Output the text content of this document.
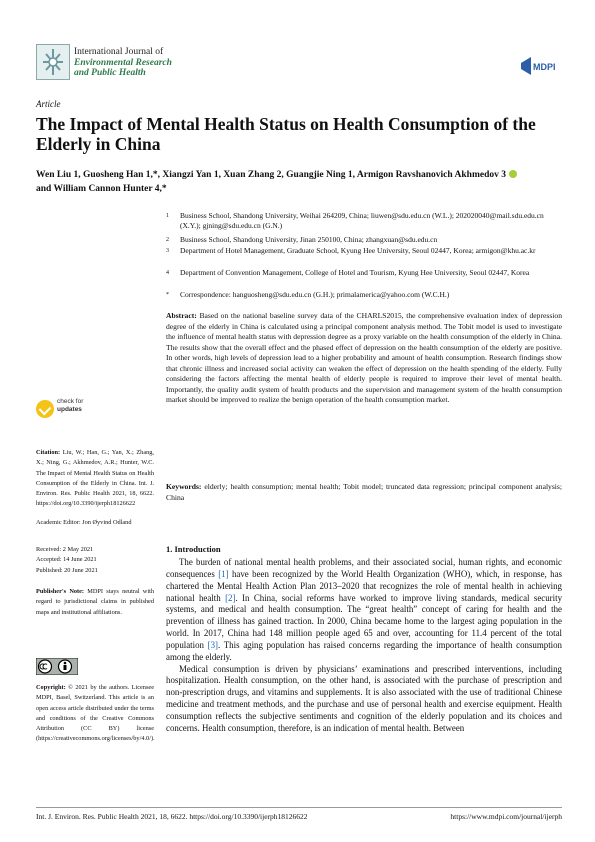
International Journal of
Environmental Research
and Public Health
MDPI
Article
The Impact of Mental Health Status on Health Consumption of the Elderly in China
Wen Liu 1, Guosheng Han 1,*, Xiangzi Yan 1, Xuan Zhang 2, Guangjie Ning 1, Armigon Ravshanovich Akhmedov 3
and William Cannon Hunter 4,*
1 Business School, Shandong University, Weihai 264209, China; liuwen@sdu.edu.cn (W.L.); 202020040@mail.sdu.edu.cn (X.Y.); gjning@sdu.edu.cn (G.N.)
2 Business School, Shandong University, Jinan 250100, China; zhangxuan@sdu.edu.cn
3 Department of Hotel Management, Graduate School, Kyung Hee University, Seoul 02447, Korea; armigon@khu.ac.kr
4 Department of Convention Management, College of Hotel and Tourism, Kyung Hee University, Seoul 02447, Korea
* Correspondence: hanguosheng@sdu.edu.cn (G.H.); primalamerica@yahoo.com (W.C.H.)
Abstract: Based on the national baseline survey data of the CHARLS2015, the comprehensive evaluation index of depression degree of the elderly in China is calculated using a principal component analysis method. The Tobit model is used to investigate the influence of mental health status with depression degree as a proxy variable on the health consumption of the elderly in China. The results show that the overall effect and the phased effect of depression on the health consumption of the elderly are positive. In other words, high levels of depression lead to a higher probability and amount of health consumption. Research findings show that chronic illness and increased social activity can weaken the effect of depression on the health spending of the elderly. Fully considering the factors affecting the mental health of elderly people is required to improve their level of mental health. Importantly, the quality audit system of health products and the supervision and management system of the health consumption market should be improved to realize the benign operation of the health consumption market.
Keywords: elderly; health consumption; mental health; Tobit model; truncated data regression; principal component analysis; China
check for
updates
Citation: Liu, W.; Han, G.; Yan, X.; Zhang, X.; Ning, G.; Akhmedov, A.R.; Hunter, W.C. The Impact of Mental Health Status on Health Consumption of the Elderly in China. Int. J. Environ. Res. Public Health 2021, 18, 6622. https://doi.org/10.3390/ijerph18126622
Academic Editor: Jon Øyvind Odland
Received: 2 May 2021
Accepted: 14 June 2021
Published: 20 June 2021
Publisher's Note: MDPI stays neutral with regard to jurisdictional claims in published maps and institutional affiliations.
Copyright: © 2021 by the authors. Licensee MDPI, Basel, Switzerland. This article is an open access article distributed under the terms and conditions of the Creative Commons Attribution (CC BY) license (https://creativecommons.org/licenses/by/4.0/).
1. Introduction

The burden of national mental health problems, and their associated social, human rights, and economic consequences [1] have been recognized by the World Health Organization (WHO), which, in response, has chartered the Mental Health Action Plan 2013–2020 that recognizes the role of mental health in achieving national health [2]. In China, social reforms have worked to improve living standards, medical security systems, and medical and health consumption. The “great health” concept of caring for health and the prevention of illness has gained traction. In 2000, China became home to the largest aging population in the world. In 2017, China had 148 million people aged 65 and over, accounting for 11.4 percent of the total population [3]. This aging population has raised concerns regarding the importance of health consumption among the elderly.

Medical consumption is driven by physicians’ examinations and prescribed interventions, including hospitalization. Health consumption, on the other hand, is associated with the purchase of prescription and non-prescription drugs, and vitamins and supplements. It is also associated with the use of traditional Chinese medicine and treatment methods, and the purchase and use of personal health and exercise equipment. Health consumption reflects the subjective sentiments and cognition of the elderly population and its choices and concerns. Health consumption, therefore, is an indication of mental health. Between

Int. J. Environ. Res. Public Health 2021, 18, 6622. https://doi.org/10.3390/ijerph18126622	https://www.mdpi.com/journal/ijerph
